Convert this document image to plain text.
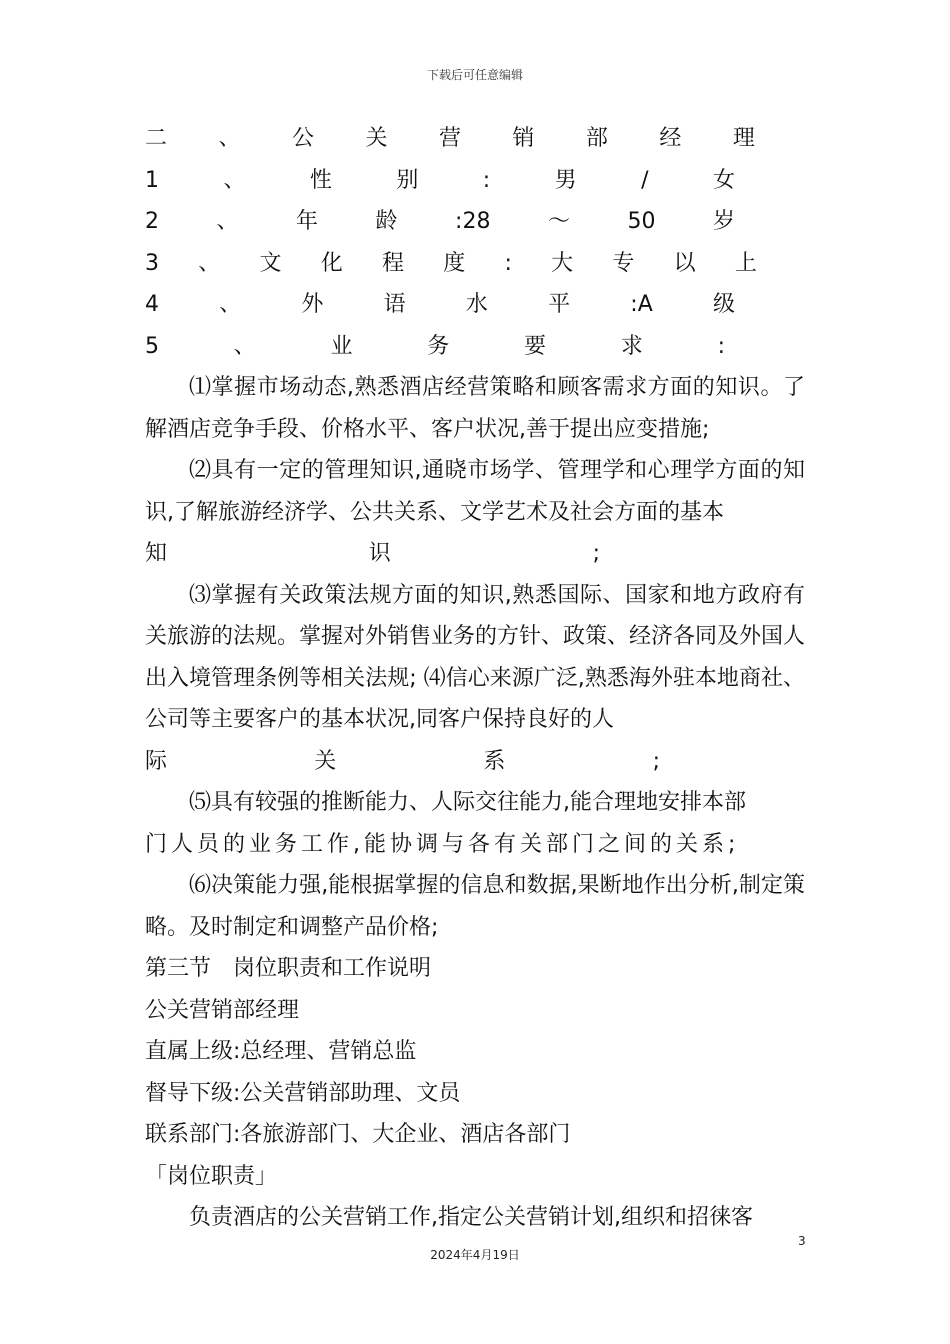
下载后可任意编辑
二 、 公 关 营 销 部 经 理
1	、	性	别	:	男	/	女
2	、	年	龄	:28	～	50	岁
3 、 文 化 程 度 : 大 专 以 上
4	、	外	语	水	平	:A	级
5	、	业	务	要	求	:
⑴掌握市场动态,熟悉酒店经营策略和顾客需求方面的知识。了解酒店竞争手段、价格水平、客户状况,善于提出应变措施;
⑵具有一定的管理知识,通晓市场学、管理学和心理学方面的知识,了解旅游经济学、公共关系、文学艺术及社会方面的基本
知	识	;
⑶掌握有关政策法规方面的知识,熟悉国际、国家和地方政府有关旅游的法规。掌握对外销售业务的方针、政策、经济各同及外国人出入境管理条例等相关法规; ⑷信心来源广泛,熟悉海外驻本地商社、公司等主要客户的基本状况,同客户保持良好的人
际	关	系	;
⑸具有较强的推断能力、人际交往能力,能合理地安排本部
门人员的业务工作,能协调与各有关部门之间的关系;
⑹决策能力强,能根据掌握的信息和数据,果断地作出分析,制定策略。及时制定和调整产品价格;
第三节　岗位职责和工作说明
公关营销部经理
直属上级:总经理、营销总监
督导下级:公关营销部助理、文员
联系部门:各旅游部门、大企业、酒店各部门
「岗位职责」
负责酒店的公关营销工作,指定公关营销计划,组织和招徕客
3
2024年4月19日
